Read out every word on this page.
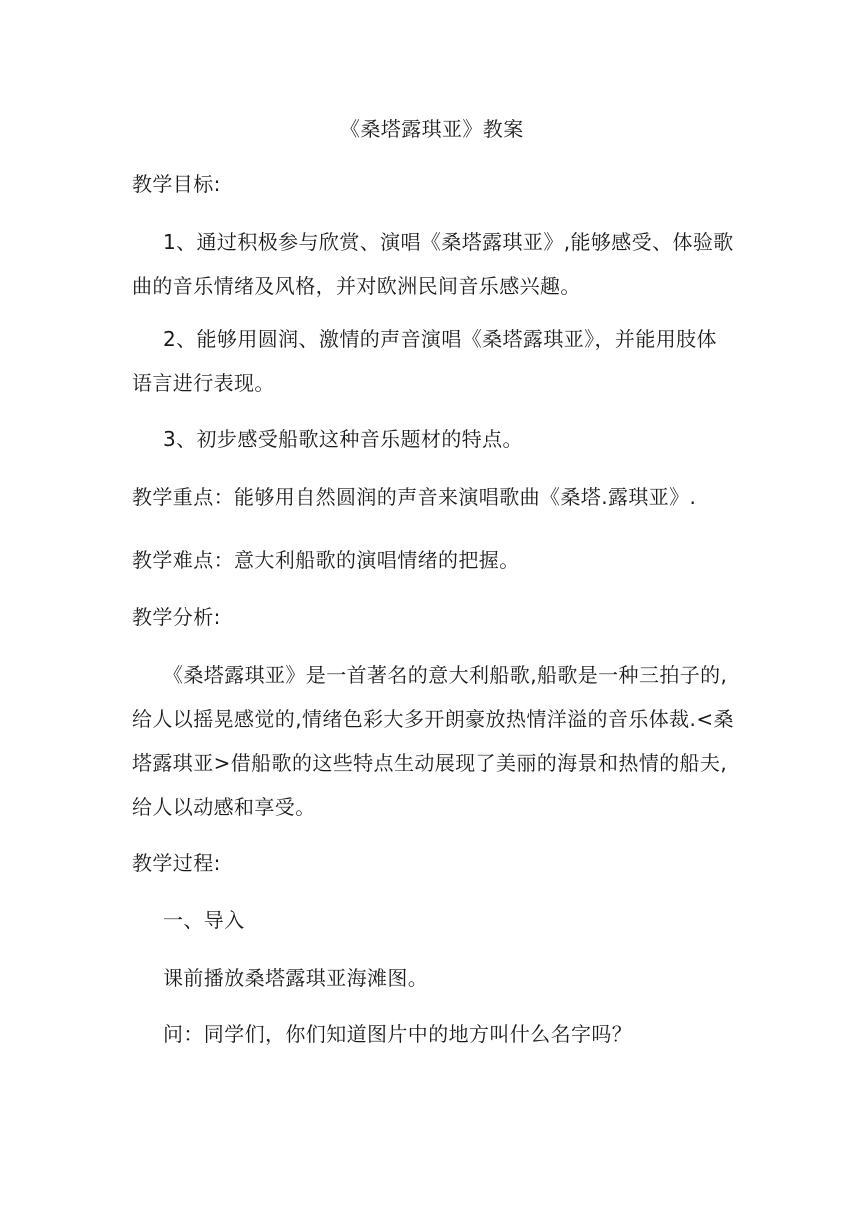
《桑塔露琪亚》教案
教学目标:
1、通过积极参与欣赏、演唱《桑塔露琪亚》,能够感受、体验歌
曲的音乐情绪及风格，并对欧洲民间音乐感兴趣。
2、能够用圆润、激情的声音演唱《桑塔露琪亚》，并能用肢体
语言进行表现。
3、初步感受船歌这种音乐题材的特点。
教学重点：能够用自然圆润的声音来演唱歌曲《桑塔.露琪亚》.
教学难点：意大利船歌的演唱情绪的把握。
教学分析:
《桑塔露琪亚》是一首著名的意大利船歌,船歌是一种三拍子的,
给人以摇晃感觉的,情绪色彩大多开朗豪放热情洋溢的音乐体裁.<桑
塔露琪亚>借船歌的这些特点生动展现了美丽的海景和热情的船夫,
给人以动感和享受。
教学过程:
一、导入
课前播放桑塔露琪亚海滩图。
问：同学们，你们知道图片中的地方叫什么名字吗？
